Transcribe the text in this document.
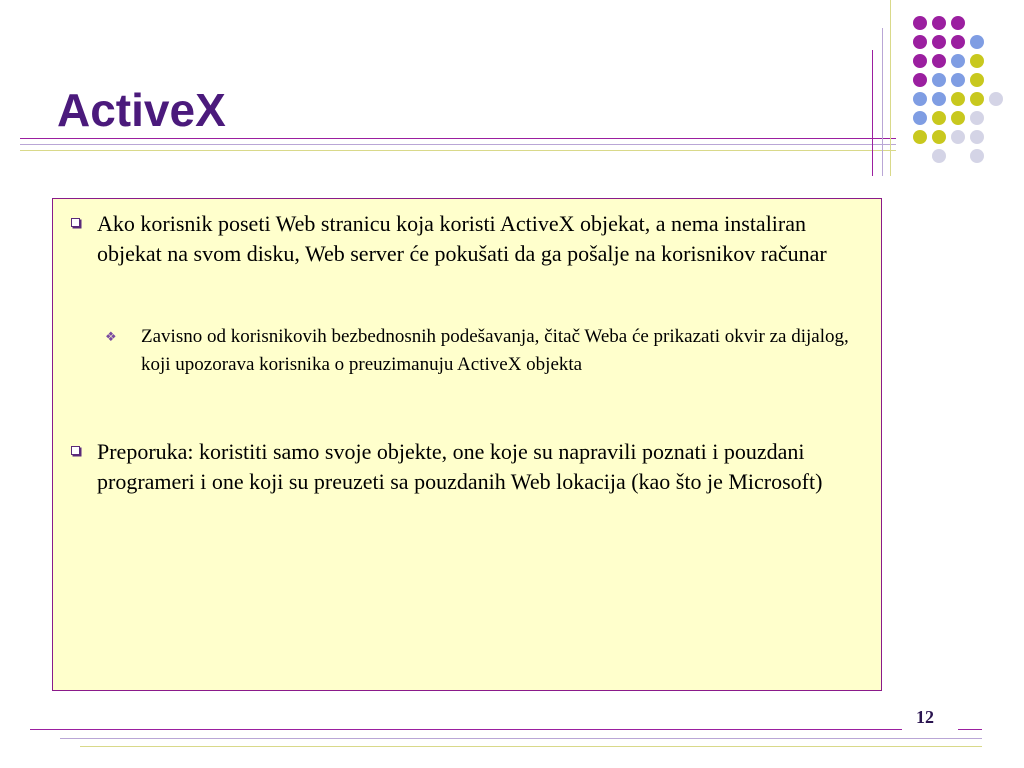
ActiveX
Ako korisnik poseti Web stranicu koja koristi ActiveX objekat, a nema instaliran objekat na svom disku, Web server će pokušati da ga pošalje na korisnikov računar
❖ Zavisno od korisnikovih bezbednosnih podešavanja, čitač Weba će prikazati okvir za dijalog, koji upozorava korisnika o preuzimanuju ActiveX objekta
Preporuka: koristiti samo svoje objekte, one koje su napravili poznati i pouzdani programeri i one koji su preuzeti sa pouzdanih Web lokacija (kao što je Microsoft)
12
